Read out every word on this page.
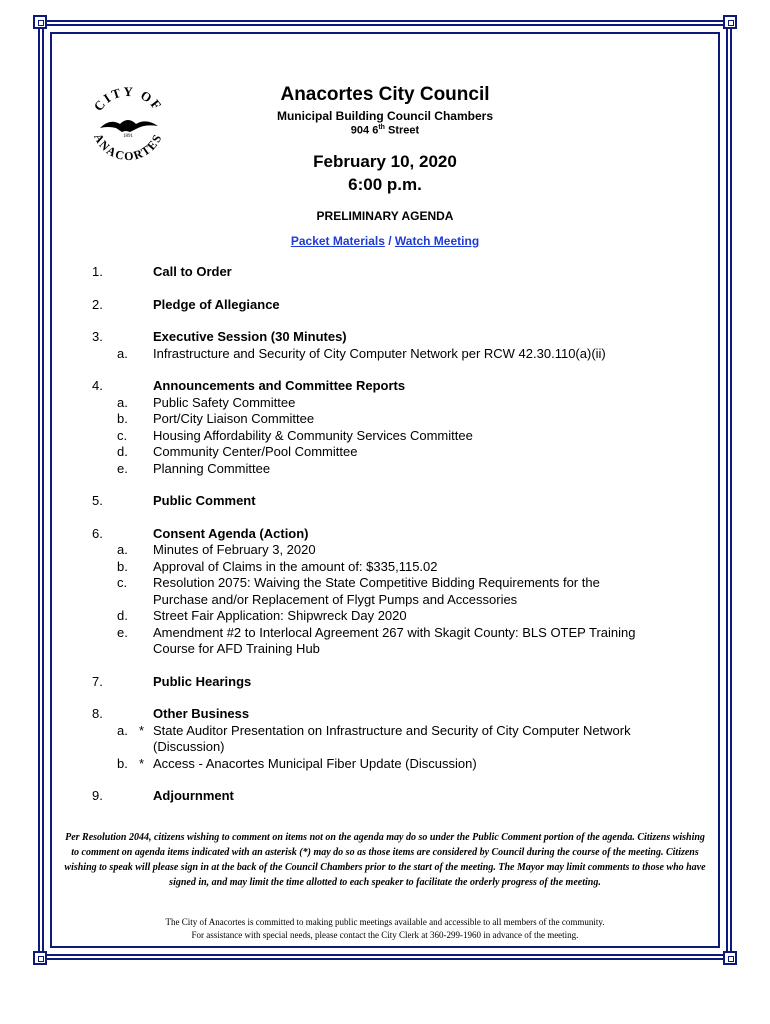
CITY OF
ANACORTES
1891
Anacortes City Council
Municipal Building Council Chambers
904 6th Street
February 10, 2020
6:00 p.m.
PRELIMINARY AGENDA
Packet Materials / Watch Meeting
1.	Call to Order
2.	Pledge of Allegiance
3.	Executive Session (30 Minutes)
a. Infrastructure and Security of City Computer Network per RCW 42.30.110(a)(ii)
4.	Announcements and Committee Reports
a. Public Safety Committee
b. Port/City Liaison Committee
c. Housing Affordability & Community Services Committee
d. Community Center/Pool Committee
e. Planning Committee
5.	Public Comment
6.	Consent Agenda (Action)
a. Minutes of February 3, 2020
b. Approval of Claims in the amount of: $335,115.02
c. Resolution 2075: Waiving the State Competitive Bidding Requirements for the
Purchase and/or Replacement of Flygt Pumps and Accessories
d. Street Fair Application: Shipwreck Day 2020
e. Amendment #2 to Interlocal Agreement 267 with Skagit County: BLS OTEP Training
Course for AFD Training Hub
7.	Public Hearings
8.	Other Business
a. * State Auditor Presentation on Infrastructure and Security of City Computer Network
(Discussion)
b. * Access - Anacortes Municipal Fiber Update (Discussion)
9.	Adjournment
Per Resolution 2044, citizens wishing to comment on items not on the agenda may do so under the Public Comment portion of the agenda. Citizens wishing to comment on agenda items indicated with an asterisk (*) may do so as those items are considered by Council during the course of the meeting. Citizens wishing to speak will please sign in at the back of the Council Chambers prior to the start of the meeting. The Mayor may limit comments to those who have signed in, and may limit the time allotted to each speaker to facilitate the orderly progress of the meeting.
The City of Anacortes is committed to making public meetings available and accessible to all members of the community.
For assistance with special needs, please contact the City Clerk at 360-299-1960 in advance of the meeting.
